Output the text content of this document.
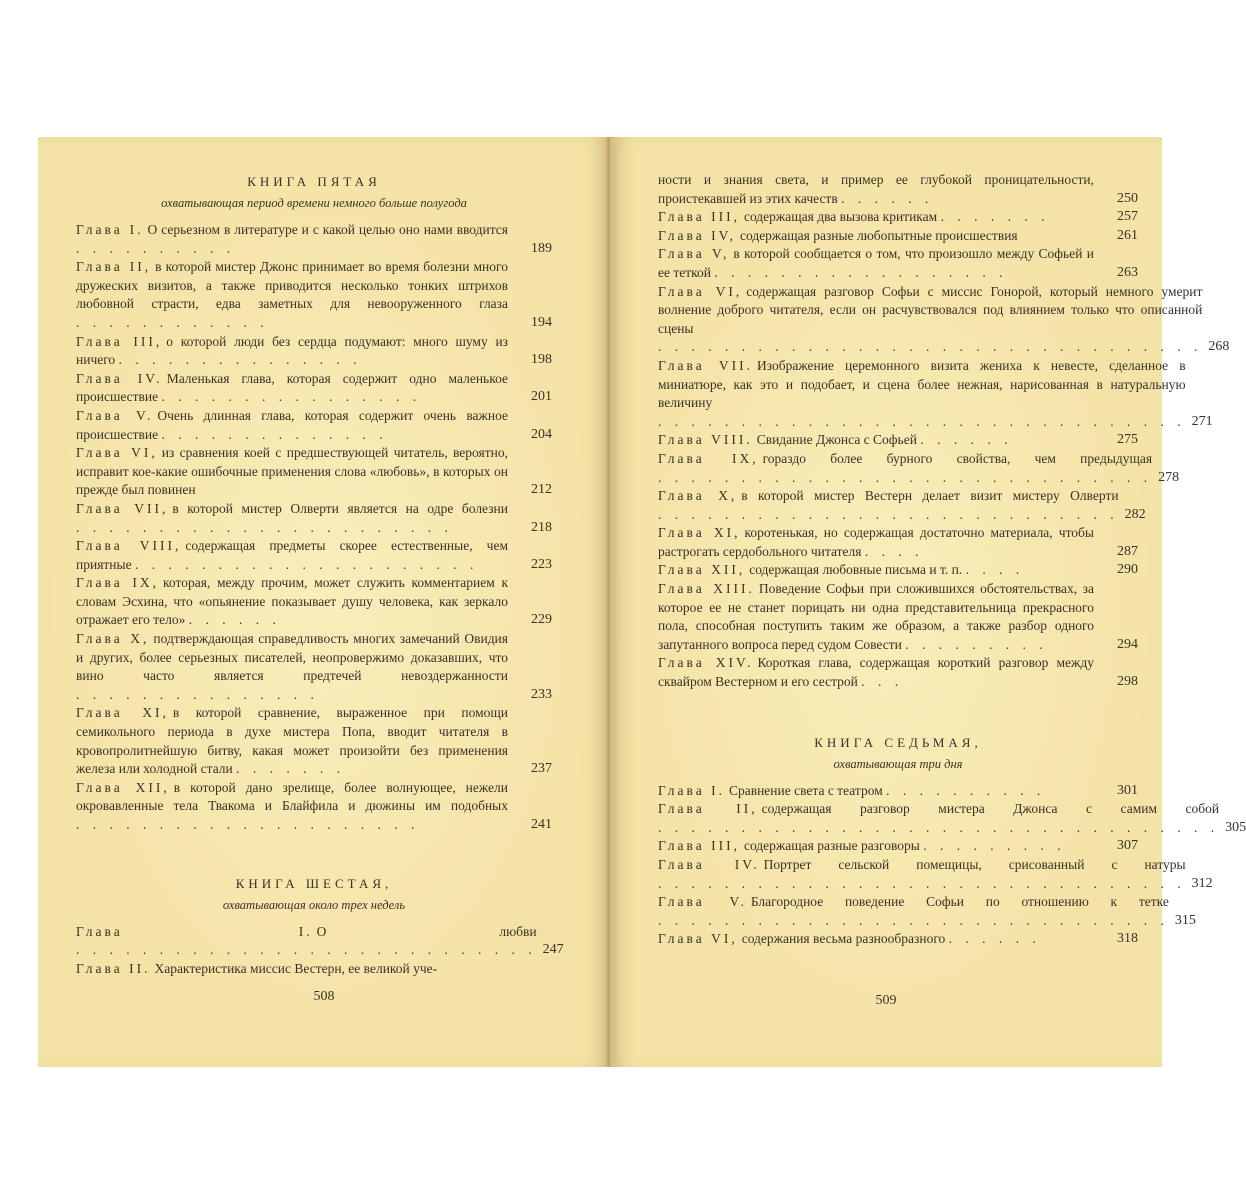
КНИГА ПЯТАЯ
охватывающая период времени немного больше полугода
Глава I. О серьезном в литературе и с какой целью оно нами вводится . . . . . . . . . .	189
Глава II, в которой мистер Джонс принимает во время болезни много дружеских визитов, а также приводится несколько тонких штрихов любовной страсти, едва заметных для невооруженного глаза . . . . . . . . . . . .	194
Глава III, о которой люди без сердца подумают: много шуму из ничего . . . . . . . . . . . . . . .	198
Глава IV. Маленькая глава, которая содержит одно маленькое происшествие . . . . . . . . . . . . . . . .	201
Глава V. Очень длинная глава, которая содержит очень важное происшествие . . . . . . . . . . . . . .	204
Глава VI, из сравнения коей с предшествующей читатель, вероятно, исправит кое-какие ошибочные применения слова «любовь», в которых он прежде был повинен	212
Глава VII, в которой мистер Олверти является на одре болезни . . . . . . . . . . . . . . . . . . . . . . .	218
Глава VIII, содержащая предметы скорее естественные, чем приятные . . . . . . . . . . . . . . . . . . . . .	223
Глава IX, которая, между прочим, может служить комментарием к словам Эсхина, что «опьянение показывает душу человека, как зеркало отражает его тело» . . . . . .	229
Глава X, подтверждающая справедливость многих замечаний Овидия и других, более серьезных писателей, неопровержимо доказавших, что вино часто является предтечей невоздержанности . . . . . . . . . . . . . . .	233
Глава XI, в которой сравнение, выраженное при помощи семикольного периода в духе мистера Попа, вводит читателя в кровопролитнейшую битву, какая может произойти без применения железа или холодной стали . . . . . . .	237
Глава XII, в которой дано зрелище, более волнующее, нежели окровавленные тела Твакома и Блайфила и дюжины им подобных . . . . . . . . . . . . . . . . . . . . .	241
КНИГА ШЕСТАЯ,
охватывающая около трех недель
Глава I. О любви . . . . . . . . . . . . . . . . . . . . . . . . . . . . 247
Глава II. Характеристика миссис Вестерн, ее великой уче-
508
ности и знания света, и пример ее глубокой проницательности, проистекавшей из этих качеств . . . . . .	250
Глава III, содержащая два вызова критикам . . . . . . .	257
Глава IV, содержащая разные любопытные происшествия	261
Глава V, в которой сообщается о том, что произошло между Софьей и ее теткой . . . . . . . . . . . . . . . . . .	263
Глава VI, содержащая разговор Софьи с миссис Гоноpой, который немного умерит волнение доброго читателя, если он расчувствовался под влиянием только что описанной сцены . . . . . . . . . . . . . . . . . . . . . . . . . . . . . . . . . 268
Глава VII. Изображение церемонного визита жениха к невесте, сделанное в миниатюре, как это и подобает, и сцена более нежная, нарисованная в натуральную величину . . . . . . . . . . . . . . . . . . . . . . . . . . . . . . . . 271
Глава VIII. Свидание Джонса с Софьей . . . . . .	275
Глава IX, гораздо более бурного свойства, чем предыдущая . . . . . . . . . . . . . . . . . . . . . . . . . . . . . . 278
Глава X, в которой мистер Вестерн делает визит мистеру Олверти . . . . . . . . . . . . . . . . . . . . . . . . . . . . 282
Глава XI, коротенькая, но содержащая достаточно материала, чтобы растрогать сердобольного читателя . . . .	287
Глава XII, содержащая любовные письма и т. п. . . . .	290
Глава XIII. Поведение Софьи при сложившихся обстоятельствах, за которое ее не станет порицать ни одна представительница прекрасного пола, способная поступить таким же образом, а также разбор одного запутанного вопроса перед судом Совести . . . . . . . . .	294
Глава XIV. Короткая глава, содержащая короткий разговор между сквайром Вестерном и его сестрой . . .	298
КНИГА СЕДЬМАЯ,
охватывающая три дня
Глава I. Сравнение света с театром . . . . . . . . . .	301
Глава II, содержащая разговор мистера Джонса с самим собой . . . . . . . . . . . . . . . . . . . . . . . . . . . . . . . . . . 305
Глава III, содержащая разные разговоры . . . . . . . . .	307
Глава IV. Портрет сельской помещицы, срисованный с натуры . . . . . . . . . . . . . . . . . . . . . . . . . . . . . . . . 312
Глава V. Благородное поведение Софьи по отношению к тетке . . . . . . . . . . . . . . . . . . . . . . . . . . . . . . . 315
Глава VI, содержания весьма разнообразного . . . . . .	318
509
